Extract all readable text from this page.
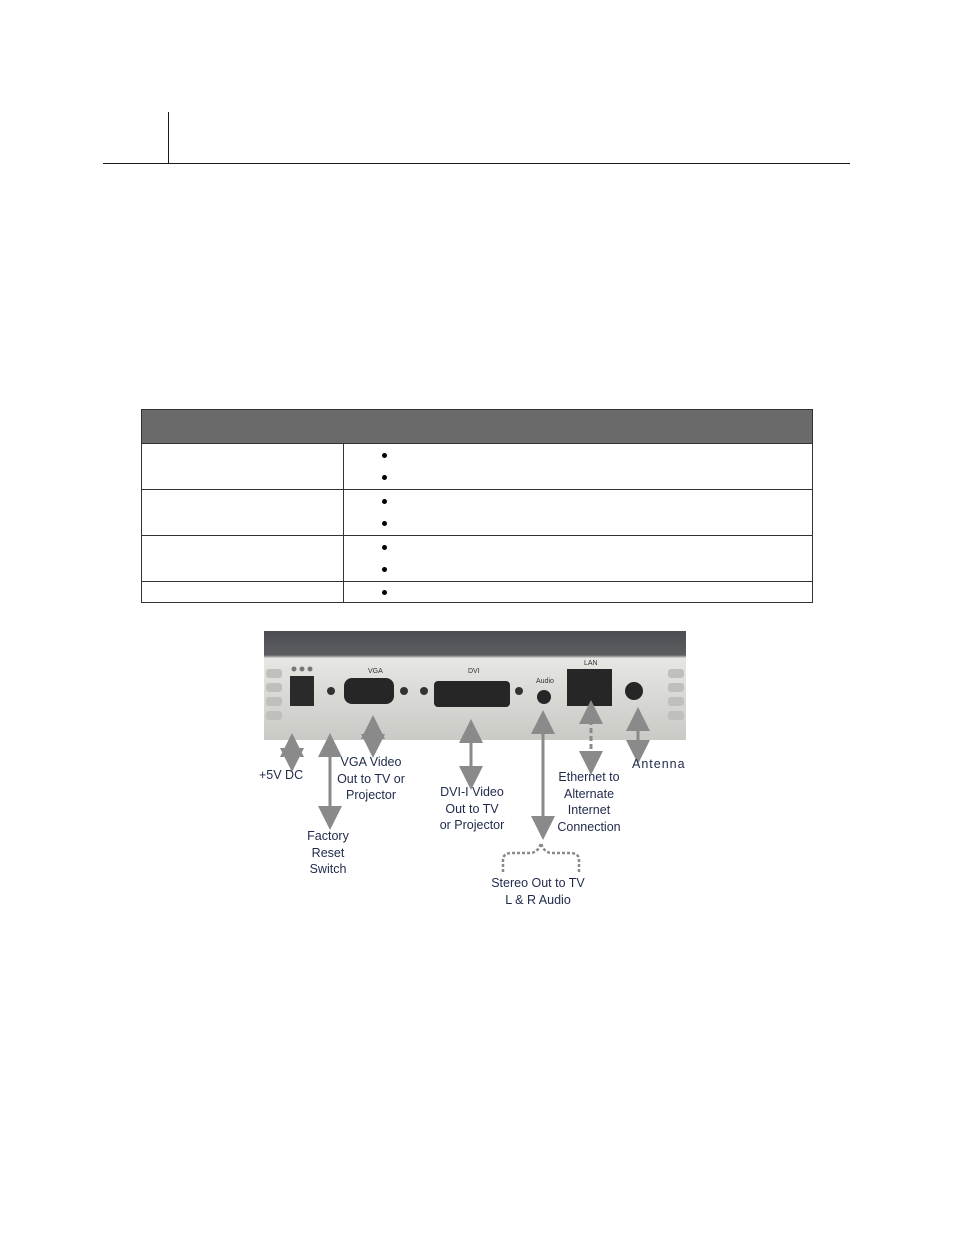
VGA	DVI
Audio
LAN
+5V DC
Factory
Reset
Switch
VGA Video
Out to TV or
Projector	DVI-I Video
Out to TV
or Projector
Ethernet to
Alternate
Internet
Connection
Antenna
Stereo Out to TV
L & R Audio
